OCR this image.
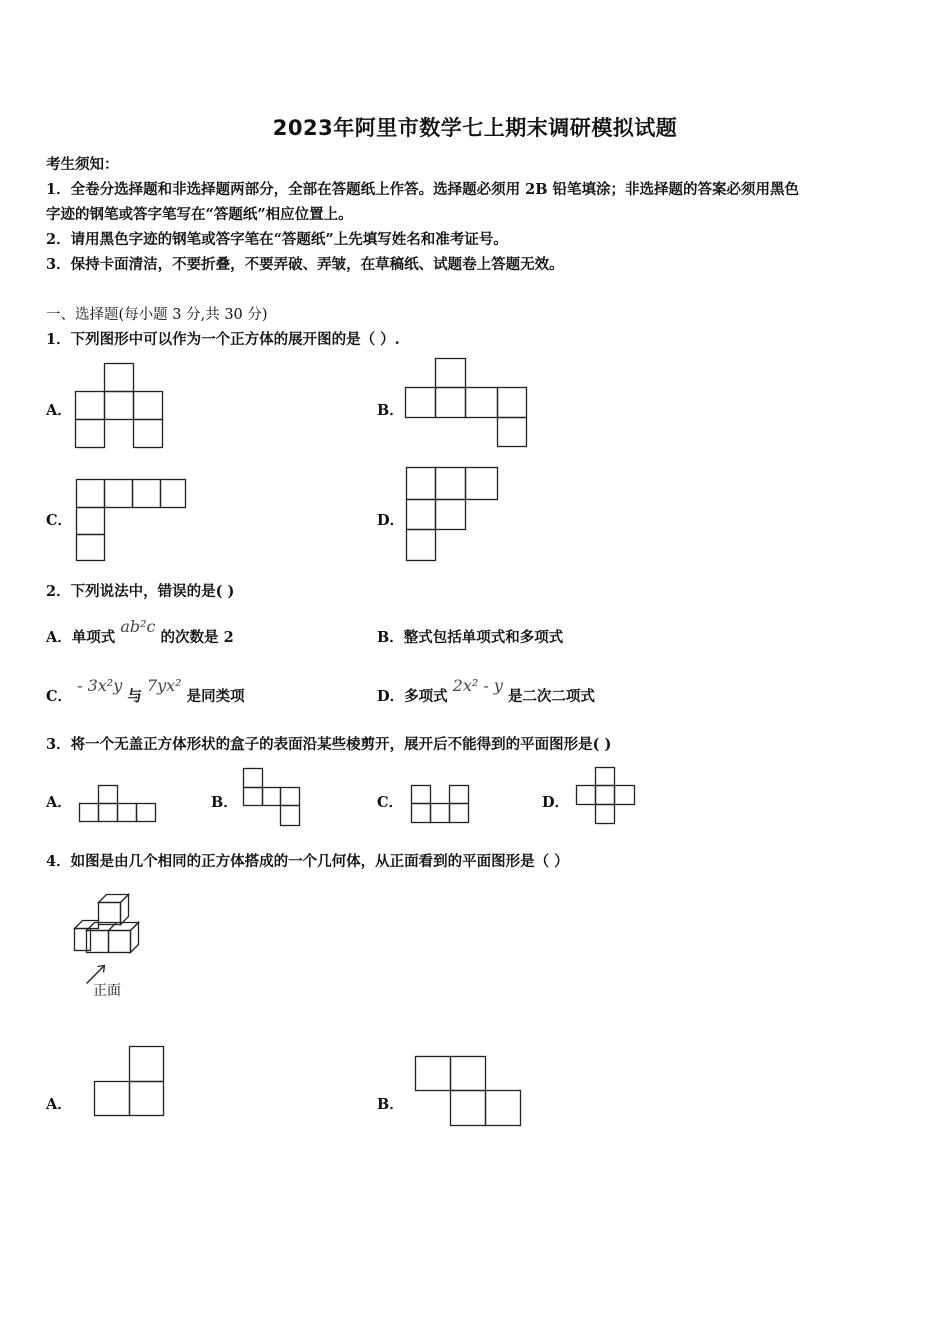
2023年阿里市数学七上期末调研模拟试题
考生须知：
1．全卷分选择题和非选择题两部分，全部在答题纸上作答。选择题必须用 2B 铅笔填涂；非选择题的答案必须用黑色
字迹的钢笔或答字笔写在“答题纸”相应位置上。
2．请用黑色字迹的钢笔或答字笔在“答题纸”上先填写姓名和准考证号。
3．保持卡面清洁，不要折叠，不要弄破、弄皱，在草稿纸、试题卷上答题无效。
一、选择题(每小题 3 分,共 30 分)
1．下列图形中可以作为一个正方体的展开图的是（ ）.
A．	B．
C．	D．
2．下列说法中，错误的是( )
A．单项式 ab²c 的次数是 2	B．整式包括单项式和多项式
C． - 3x²y 与 7yx² 是同类项	D．多项式 2x² - y 是二次二项式
3．将一个无盖正方体形状的盒子的表面沿某些棱剪开，展开后不能得到的平面图形是( )
A．	B．	C．	D．
4．如图是由几个相同的正方体搭成的一个几何体，从正面看到的平面图形是（ ）
正面
A．	B．
